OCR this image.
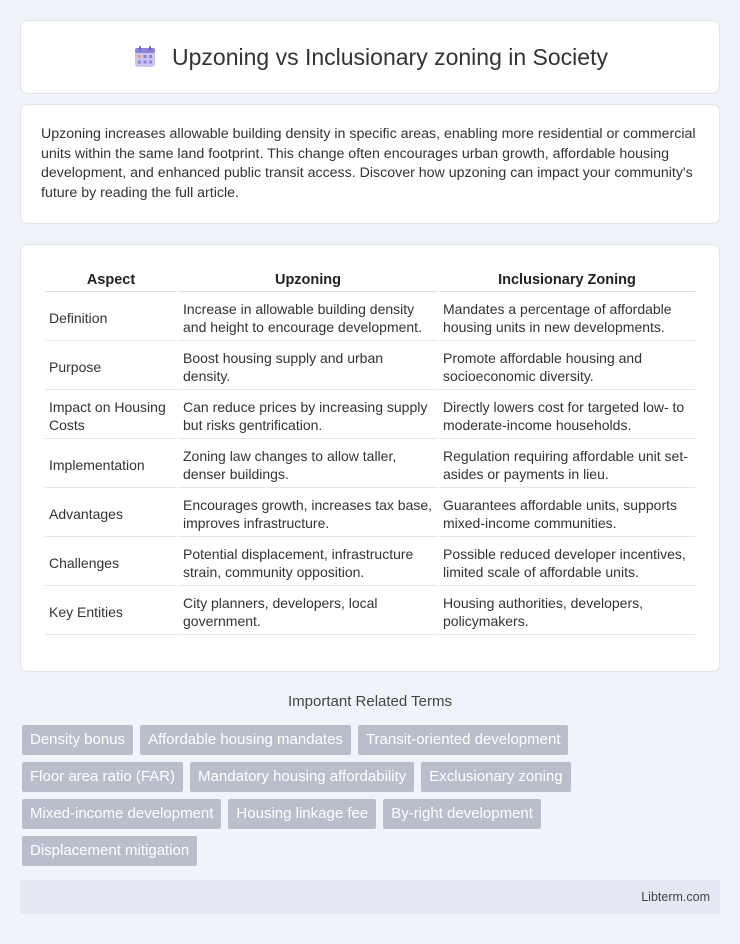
Upzoning vs Inclusionary zoning in Society

Upzoning increases allowable building density in specific areas, enabling more residential or commercial units within the same land footprint. This change often encourages urban growth, affordable housing development, and enhanced public transit access. Discover how upzoning can impact your community's future by reading the full article.

Aspect	Upzoning	Inclusionary Zoning
Definition	Increase in allowable building density and height to encourage development.	Mandates a percentage of affordable housing units in new developments.
Purpose	Boost housing supply and urban density.	Promote affordable housing and socioeconomic diversity.
Impact on Housing Costs	Can reduce prices by increasing supply but risks gentrification.	Directly lowers cost for targeted low- to moderate-income households.
Implementation	Zoning law changes to allow taller, denser buildings.	Regulation requiring affordable unit set-asides or payments in lieu.
Advantages	Encourages growth, increases tax base, improves infrastructure.	Guarantees affordable units, supports mixed-income communities.
Challenges	Potential displacement, infrastructure strain, community opposition.	Possible reduced developer incentives, limited scale of affordable units.
Key Entities	City planners, developers, local government.	Housing authorities, developers, policymakers.
Important Related Terms
Density bonus	Affordable housing mandates	Transit-oriented development
Floor area ratio (FAR)	Mandatory housing affordability	Exclusionary zoning
Mixed-income development	Housing linkage fee	By-right development
Displacement mitigation
Libterm.com
